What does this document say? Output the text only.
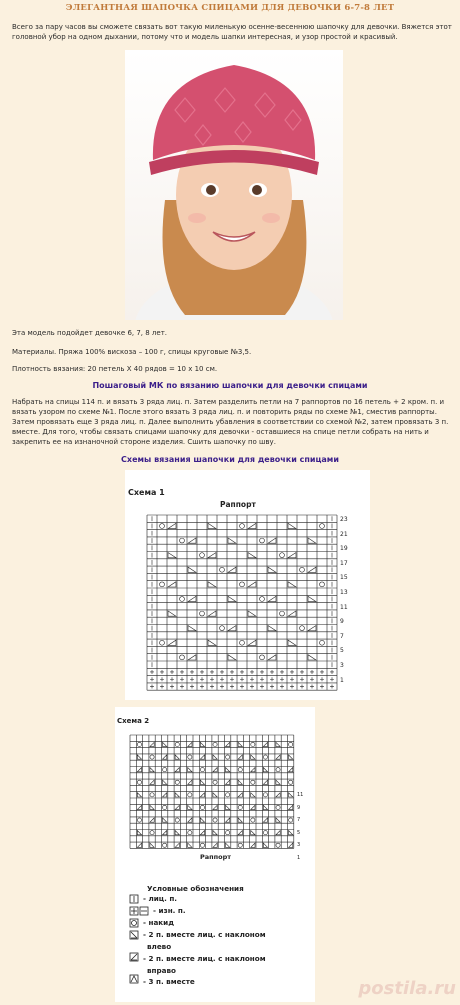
ЭЛЕГАНТНАЯ ШАПОЧКА СПИЦАМИ ДЛЯ ДЕВОЧКИ 6-7-8 ЛЕТ
Всего за пару часов вы сможете связать вот такую миленькую осенне-весеннюю шапочку для девочки. Вяжется этот головной убор на одном дыхании, потому что и модель шапки интересная, и узор простой и красивый.
Эта модель подойдет девочке 6, 7, 8 лет.
Материалы. Пряжа 100% вискоза – 100 г, спицы круговые №3,5.
Плотность вязания: 20 петель X 40 рядов = 10 х 10 см.
Пошаговый МК по вязанию шапочки для девочки спицами
Набрать на спицы 114 п. и вязать 3 ряда лиц. п. Затем разделить петли на 7 раппортов по 16 петель + 2 кром. п. и вязать узором по схеме №1. После этого вязать 3 ряда лиц. п. и повторить ряды по схеме №1, сместив раппорты. Затем провязать еще 3 ряда лиц. п. Далее выполнить убавления в соответствии со схемой №2, затем провязать 3 п. вместе. Для того, чтобы связать спицами шапочку для девочки - оставшиеся на спице петли собрать на нить и закрепить ее на изнаночной стороне изделия. Сшить шапочку по шву.
Схемы вязания шапочки для девочки спицами
Схема 1
Раппорт
23
21
19
17
15
13
11
9
7
5
3
1
Схема 2
11
9
7
5
3
1
Раппорт
Условные обозначения
- лиц. п.
- изн. п.
- накид
- 2 п. вместе лиц. с наклоном
влево
- 2 п. вместе лиц. с наклоном
вправо
- 3 п. вместе	postila.ru
